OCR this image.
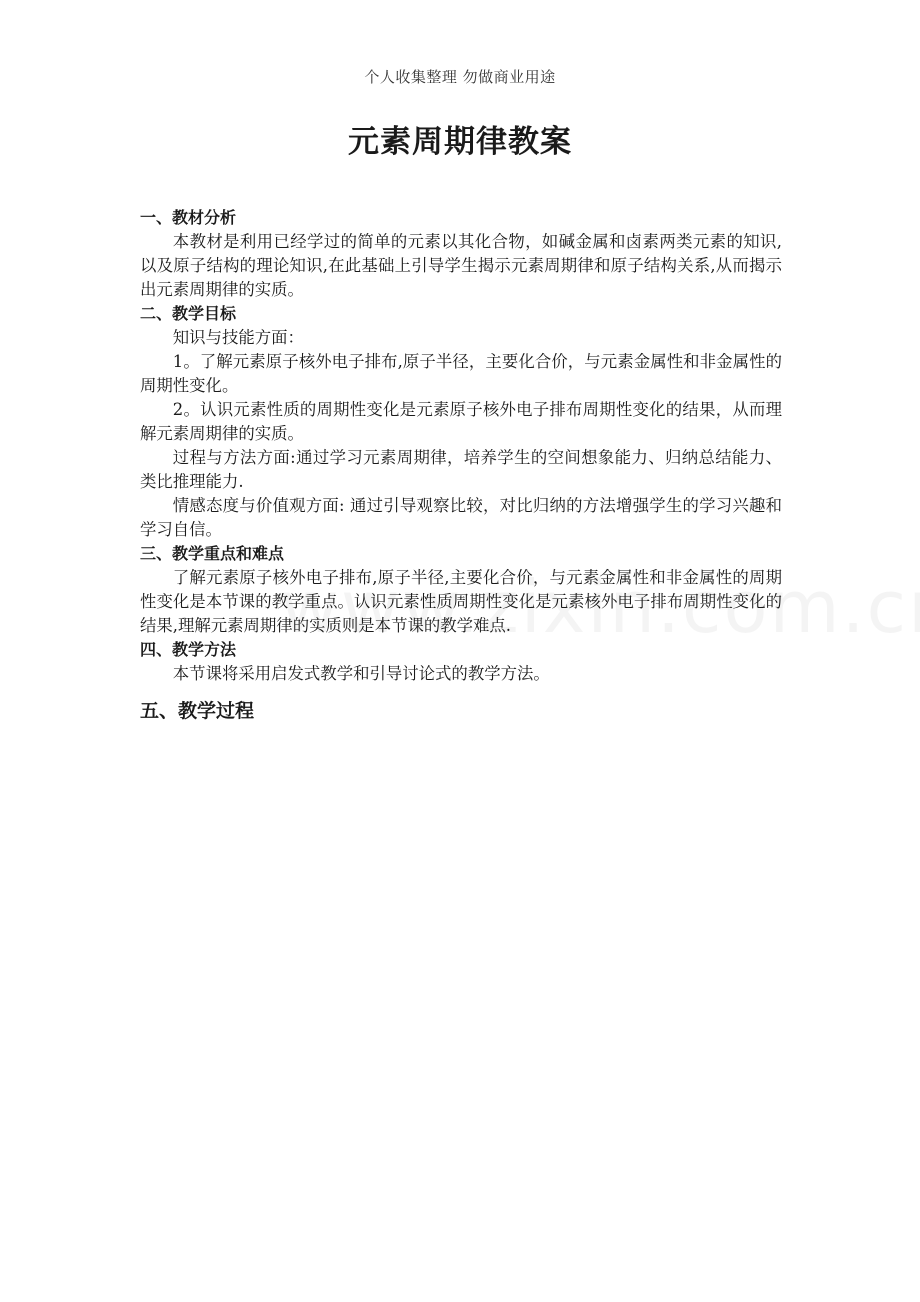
个人收集整理 勿做商业用途
元素周期律教案

一、教材分析

本教材是利用已经学过的简单的元素以其化合物，如碱金属和卤素两类元素的知识,以及原子结构的理论知识,在此基础上引导学生揭示元素周期律和原子结构关系,从而揭示出元素周期律的实质。

二、教学目标

知识与技能方面：

1。了解元素原子核外电子排布,原子半径，主要化合价，与元素金属性和非金属性的周期性变化。

2。认识元素性质的周期性变化是元素原子核外电子排布周期性变化的结果，从而理解元素周期律的实质。

过程与方法方面:通过学习元素周期律，培养学生的空间想象能力、归纳总结能力、类比推理能力.

情感态度与价值观方面: 通过引导观察比较，对比归纳的方法增强学生的学习兴趣和学习自信。

三、教学重点和难点

了解元素原子核外电子排布,原子半径,主要化合价，与元素金属性和非金属性的周期性变化是本节课的教学重点。认识元素性质周期性变化是元素核外电子排布周期性变化的结果,理解元素周期律的实质则是本节课的教学难点.

四、教学方法

本节课将采用启发式教学和引导讨论式的教学方法。

五、教学过程
